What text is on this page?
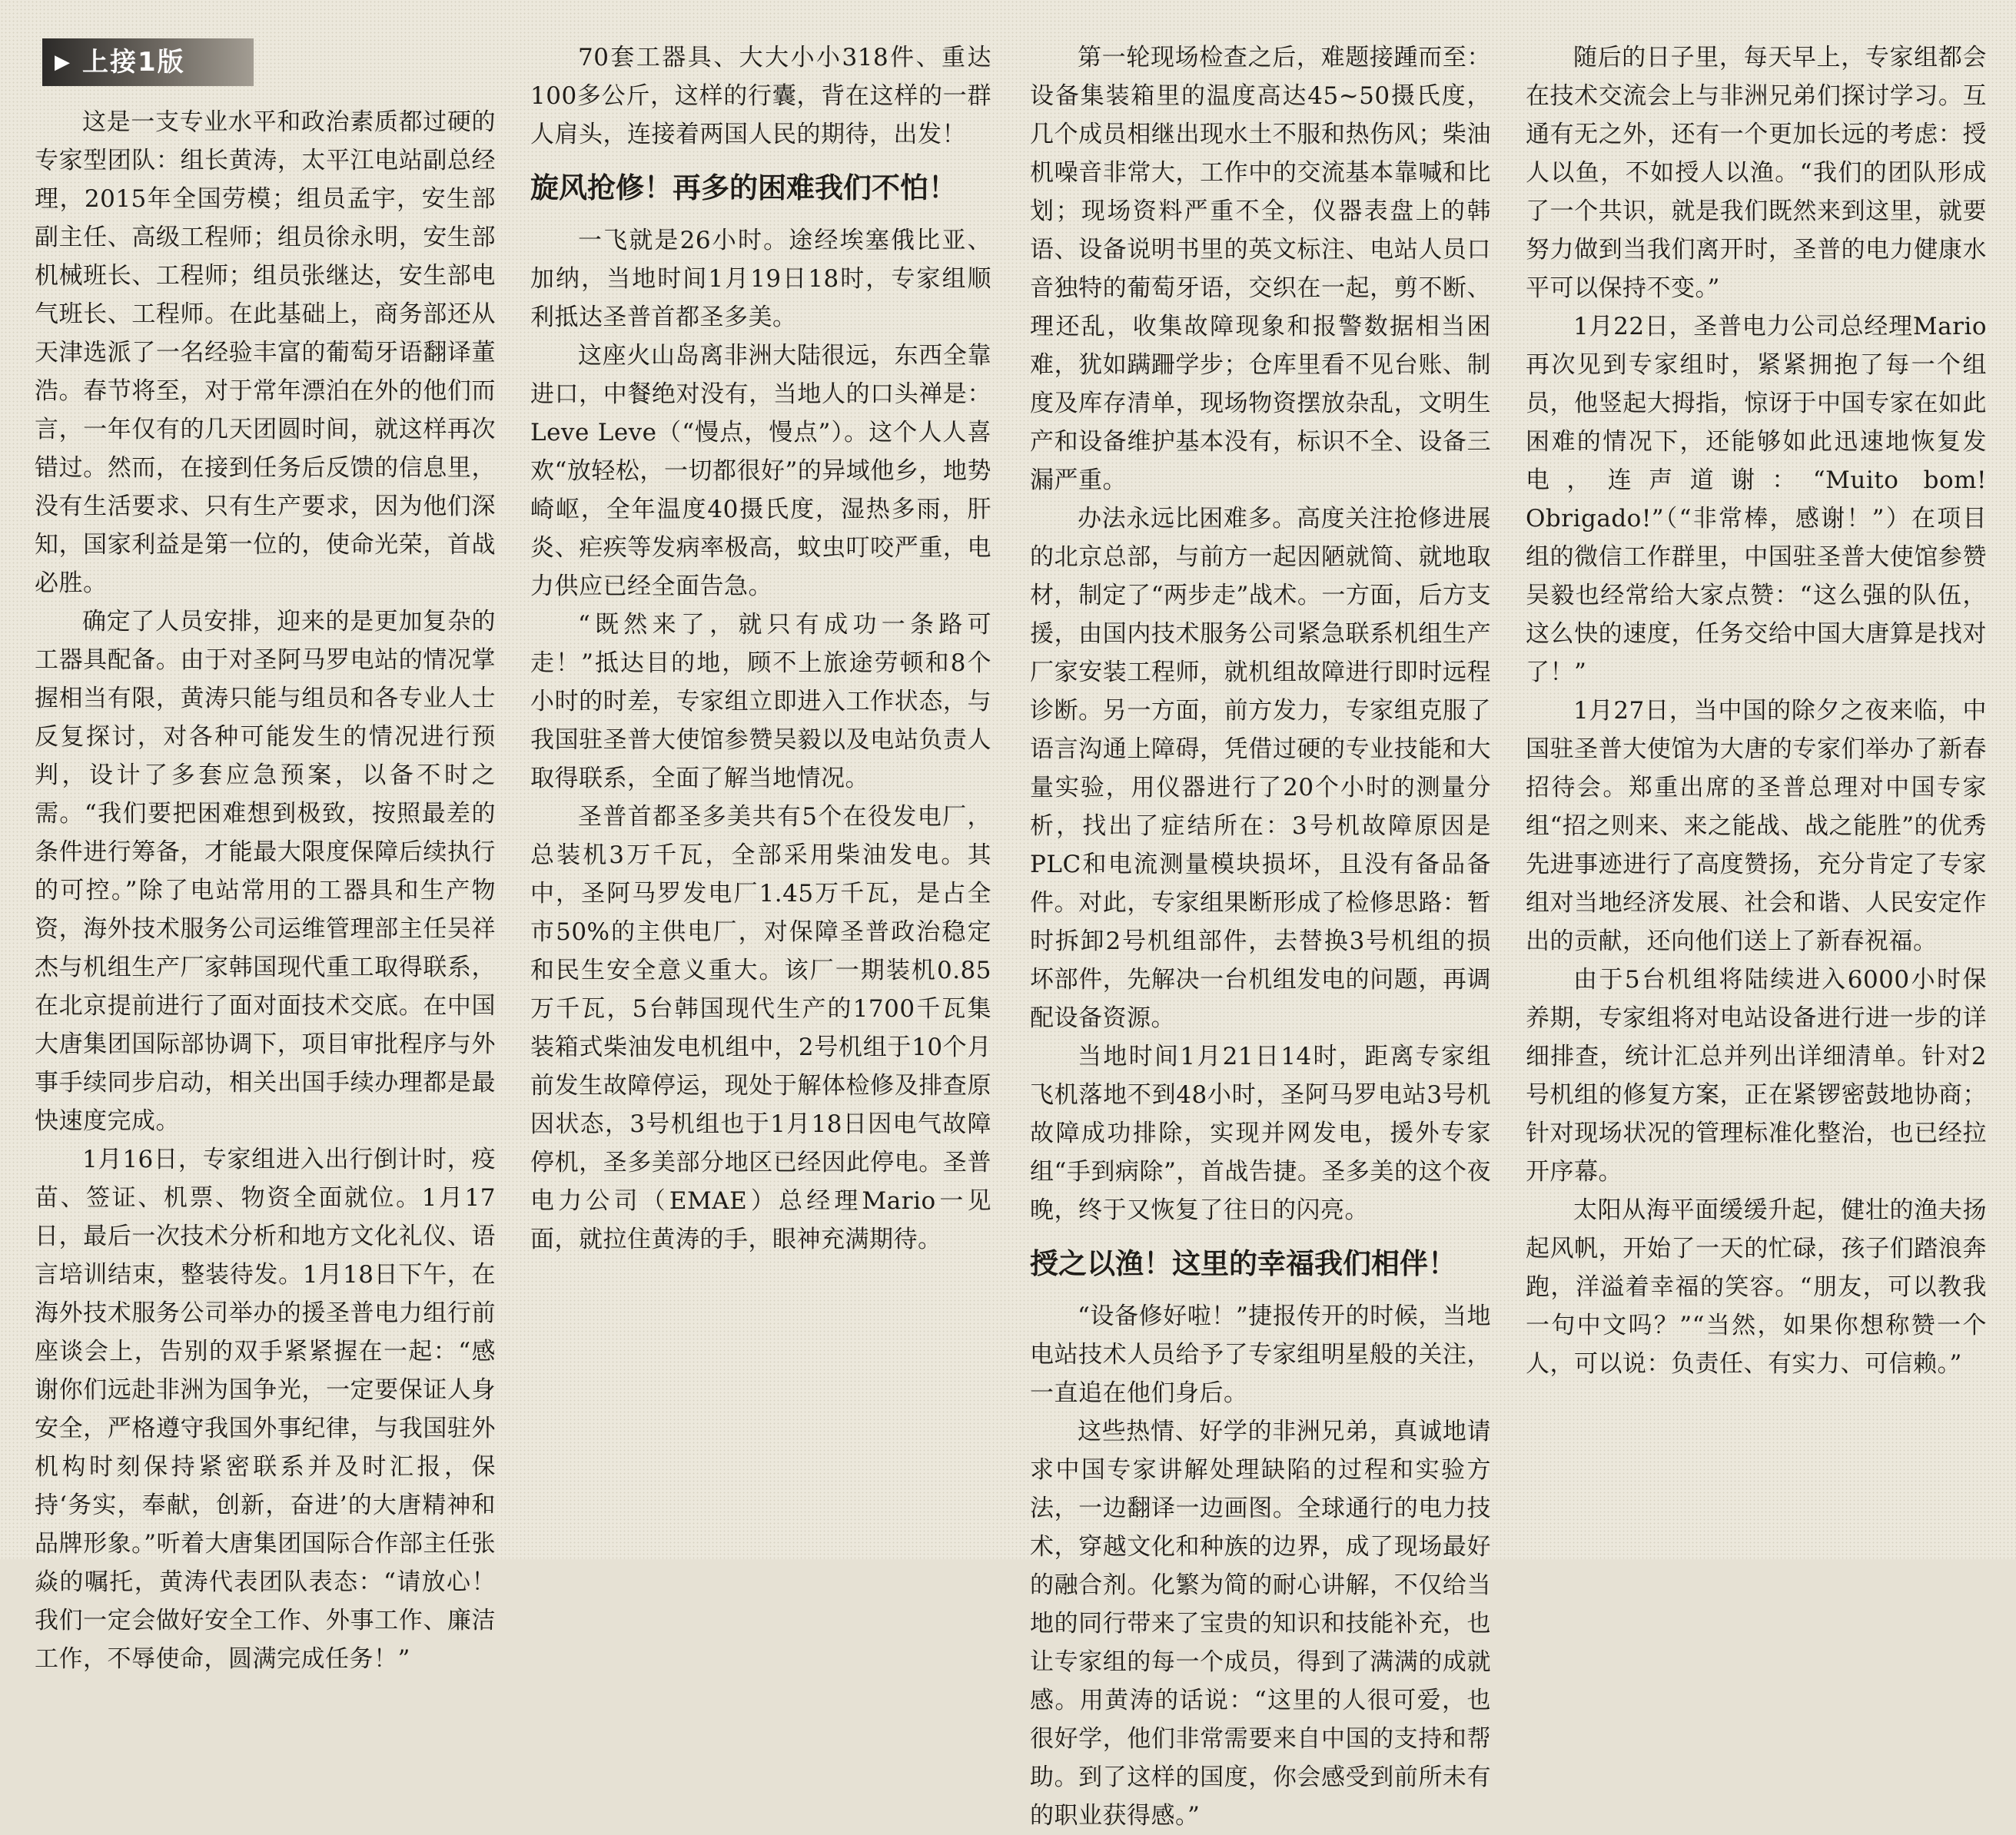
▶ 上接1版

这是一支专业水平和政治素质都过硬的专家型团队：组长黄涛，太平江电站副总经理，2015年全国劳模；组员孟宇，安生部副主任、高级工程师；组员徐永明，安生部机械班长、工程师；组员张继达，安生部电气班长、工程师。在此基础上，商务部还从天津选派了一名经验丰富的葡萄牙语翻译董浩。春节将至，对于常年漂泊在外的他们而言，一年仅有的几天团圆时间，就这样再次错过。然而，在接到任务后反馈的信息里，没有生活要求、只有生产要求，因为他们深知，国家利益是第一位的，使命光荣，首战必胜。

确定了人员安排，迎来的是更加复杂的工器具配备。由于对圣阿马罗电站的情况掌握相当有限，黄涛只能与组员和各专业人士反复探讨，对各种可能发生的情况进行预判，设计了多套应急预案，以备不时之需。“我们要把困难想到极致，按照最差的条件进行筹备，才能最大限度保障后续执行的可控。”除了电站常用的工器具和生产物资，海外技术服务公司运维管理部主任吴祥杰与机组生产厂家韩国现代重工取得联系，在北京提前进行了面对面技术交底。在中国大唐集团国际部协调下，项目审批程序与外事手续同步启动，相关出国手续办理都是最快速度完成。

1月16日，专家组进入出行倒计时，疫苗、签证、机票、物资全面就位。1月17日，最后一次技术分析和地方文化礼仪、语言培训结束，整装待发。1月18日下午，在海外技术服务公司举办的援圣普电力组行前座谈会上，告别的双手紧紧握在一起：“感谢你们远赴非洲为国争光，一定要保证人身安全，严格遵守我国外事纪律，与我国驻外机构时刻保持紧密联系并及时汇报，保持‘务实，奉献，创新，奋进’的大唐精神和品牌形象。”听着大唐集团国际合作部主任张焱的嘱托，黄涛代表团队表态：“请放心！我们一定会做好安全工作、外事工作、廉洁工作，不辱使命，圆满完成任务！”

70套工器具、大大小小318件、重达100多公斤，这样的行囊，背在这样的一群人肩头，连接着两国人民的期待，出发！

旋风抢修！再多的困难我们不怕！

一飞就是26小时。途经埃塞俄比亚、加纳，当地时间1月19日18时，专家组顺利抵达圣普首都圣多美。

这座火山岛离非洲大陆很远，东西全靠进口，中餐绝对没有，当地人的口头禅是：Leve Leve（“慢点，慢点”）。这个人人喜欢“放轻松，一切都很好”的异域他乡，地势崎岖，全年温度40摄氏度，湿热多雨，肝炎、疟疾等发病率极高，蚊虫叮咬严重，电力供应已经全面告急。

“既然来了，就只有成功一条路可走！”抵达目的地，顾不上旅途劳顿和8个小时的时差，专家组立即进入工作状态，与我国驻圣普大使馆参赞吴毅以及电站负责人取得联系，全面了解当地情况。

圣普首都圣多美共有5个在役发电厂，总装机3万千瓦，全部采用柴油发电。其中，圣阿马罗发电厂1.45万千瓦，是占全市50%的主供电厂，对保障圣普政治稳定和民生安全意义重大。该厂一期装机0.85万千瓦，5台韩国现代生产的1700千瓦集装箱式柴油发电机组中，2号机组于10个月前发生故障停运，现处于解体检修及排查原因状态，3号机组也于1月18日因电气故障停机，圣多美部分地区已经因此停电。圣普电力公司（EMAE）总经理Mario一见面，就拉住黄涛的手，眼神充满期待。

第一轮现场检查之后，难题接踵而至：设备集装箱里的温度高达45~50摄氏度，几个成员相继出现水土不服和热伤风；柴油机噪音非常大，工作中的交流基本靠喊和比划；现场资料严重不全，仪器表盘上的韩语、设备说明书里的英文标注、电站人员口音独特的葡萄牙语，交织在一起，剪不断、理还乱，收集故障现象和报警数据相当困难，犹如蹒跚学步；仓库里看不见台账、制度及库存清单，现场物资摆放杂乱，文明生产和设备维护基本没有，标识不全、设备三漏严重。

办法永远比困难多。高度关注抢修进展的北京总部，与前方一起因陋就简、就地取材，制定了“两步走”战术。一方面，后方支援，由国内技术服务公司紧急联系机组生产厂家安装工程师，就机组故障进行即时远程诊断。另一方面，前方发力，专家组克服了语言沟通上障碍，凭借过硬的专业技能和大量实验，用仪器进行了20个小时的测量分析，找出了症结所在：3号机故障原因是PLC和电流测量模块损坏，且没有备品备件。对此，专家组果断形成了检修思路：暂时拆卸2号机组部件，去替换3号机组的损坏部件，先解决一台机组发电的问题，再调配设备资源。

当地时间1月21日14时，距离专家组飞机落地不到48小时，圣阿马罗电站3号机故障成功排除，实现并网发电，援外专家组“手到病除”，首战告捷。圣多美的这个夜晚，终于又恢复了往日的闪亮。

授之以渔！这里的幸福我们相伴！

“设备修好啦！”捷报传开的时候，当地电站技术人员给予了专家组明星般的关注，一直追在他们身后。

这些热情、好学的非洲兄弟，真诚地请求中国专家讲解处理缺陷的过程和实验方法，一边翻译一边画图。全球通行的电力技术，穿越文化和种族的边界，成了现场最好的融合剂。化繁为简的耐心讲解，不仅给当地的同行带来了宝贵的知识和技能补充，也让专家组的每一个成员，得到了满满的成就感。用黄涛的话说：“这里的人很可爱，也很好学，他们非常需要来自中国的支持和帮助。到了这样的国度，你会感受到前所未有的职业获得感。”

随后的日子里，每天早上，专家组都会在技术交流会上与非洲兄弟们探讨学习。互通有无之外，还有一个更加长远的考虑：授人以鱼，不如授人以渔。“我们的团队形成了一个共识，就是我们既然来到这里，就要努力做到当我们离开时，圣普的电力健康水平可以保持不变。”

1月22日，圣普电力公司总经理Mario再次见到专家组时，紧紧拥抱了每一个组员，他竖起大拇指，惊讶于中国专家在如此困难的情况下，还能够如此迅速地恢复发电，连声道谢：“Muito bom! Obrigado!”（“非常棒，感谢！”）在项目组的微信工作群里，中国驻圣普大使馆参赞吴毅也经常给大家点赞：“这么强的队伍，这么快的速度，任务交给中国大唐算是找对了！”

1月27日，当中国的除夕之夜来临，中国驻圣普大使馆为大唐的专家们举办了新春招待会。郑重出席的圣普总理对中国专家组“招之则来、来之能战、战之能胜”的优秀先进事迹进行了高度赞扬，充分肯定了专家组对当地经济发展、社会和谐、人民安定作出的贡献，还向他们送上了新春祝福。

由于5台机组将陆续进入6000小时保养期，专家组将对电站设备进行进一步的详细排查，统计汇总并列出详细清单。针对2号机组的修复方案，正在紧锣密鼓地协商；针对现场状况的管理标准化整治，也已经拉开序幕。

太阳从海平面缓缓升起，健壮的渔夫扬起风帆，开始了一天的忙碌，孩子们踏浪奔跑，洋溢着幸福的笑容。“朋友，可以教我一句中文吗？”“当然，如果你想称赞一个人，可以说：负责任、有实力、可信赖。”
